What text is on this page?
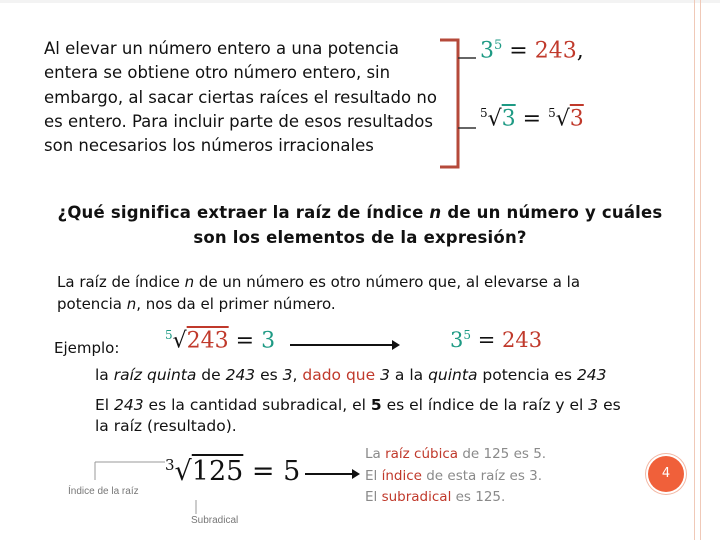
Al elevar un número entero a una potencia entera se obtiene otro número entero, sin embargo, al sacar ciertas raíces el resultado no es entero. Para incluir parte de esos resultados son necesarios los números irracionales
$3^5 = 243$,
$^5$√3 = $^5$√3
¿Qué significa extraer la raíz de índice n de un número y cuáles son los elementos de la expresión?
La raíz de índice n de un número es otro número que, al elevarse a la potencia n, nos da el primer número.
Ejemplo:
$^5$√243 = 3	$3^5 = 243$
la raíz quinta de 243 es 3, dado que 3 a la quinta potencia es 243
El 243 es la cantidad subradical, el 5 es el índice de la raíz y el 3 es la raíz (resultado).
$^3$√125 = 5
Índice de la raíz
Subradical
La raíz cúbica de 125 es 5.
El índice de esta raíz es 3.
El subradical es 125.
4
